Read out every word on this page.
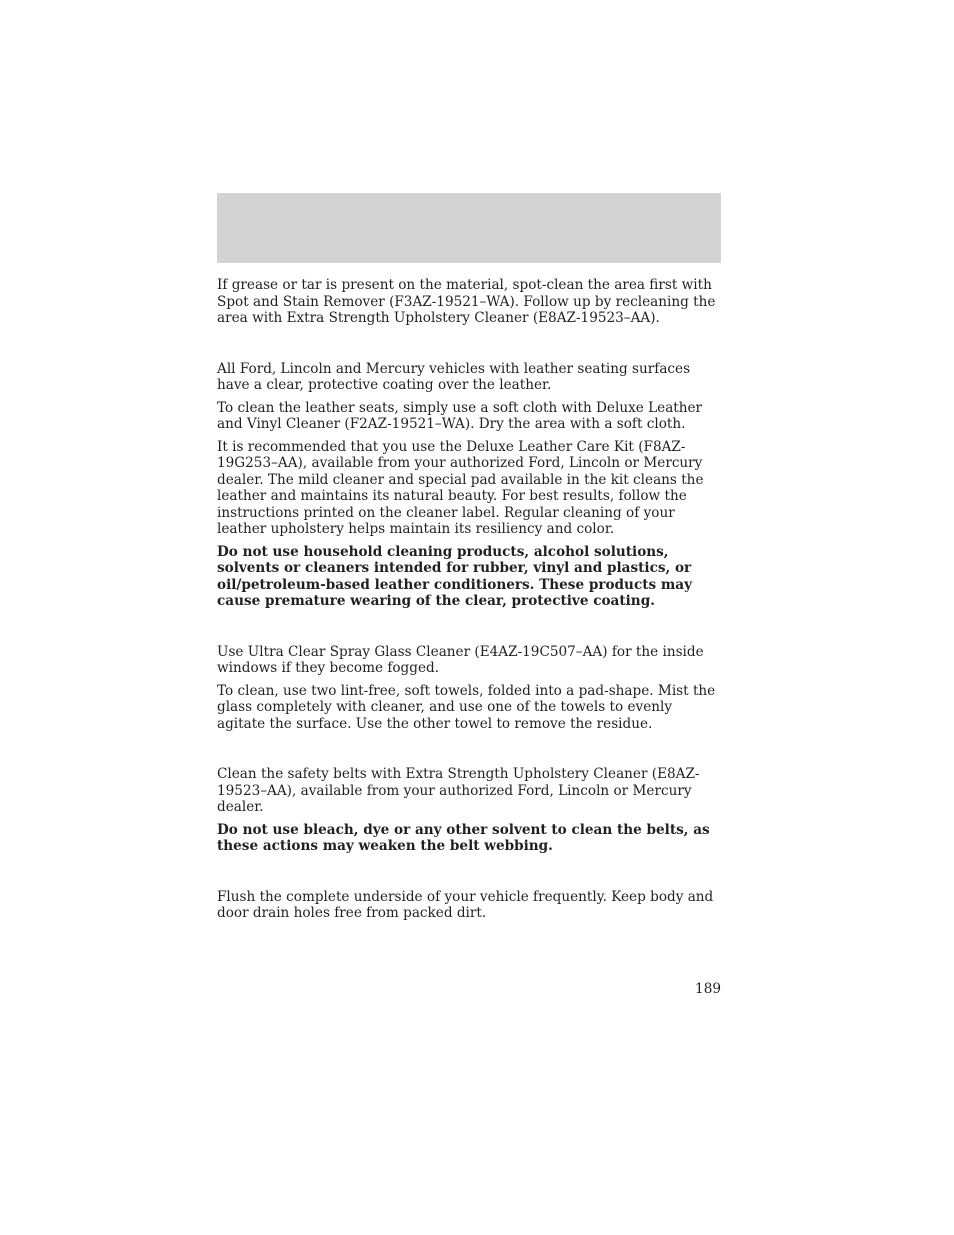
If grease or tar is present on the material, spot-clean the area first with Spot and Stain Remover (F3AZ-19521–WA). Follow up by recleaning the area with Extra Strength Upholstery Cleaner (E8AZ-19523–AA).

All Ford, Lincoln and Mercury vehicles with leather seating surfaces have a clear, protective coating over the leather.

To clean the leather seats, simply use a soft cloth with Deluxe Leather and Vinyl Cleaner (F2AZ-19521–WA). Dry the area with a soft cloth.

It is recommended that you use the Deluxe Leather Care Kit (F8AZ-19G253–AA), available from your authorized Ford, Lincoln or Mercury dealer. The mild cleaner and special pad available in the kit cleans the leather and maintains its natural beauty. For best results, follow the instructions printed on the cleaner label. Regular cleaning of your leather upholstery helps maintain its resiliency and color.

Do not use household cleaning products, alcohol solutions, solvents or cleaners intended for rubber, vinyl and plastics, or oil/petroleum-based leather conditioners. These products may cause premature wearing of the clear, protective coating.

Use Ultra Clear Spray Glass Cleaner (E4AZ-19C507–AA) for the inside windows if they become fogged.

To clean, use two lint-free, soft towels, folded into a pad-shape. Mist the glass completely with cleaner, and use one of the towels to evenly agitate the surface. Use the other towel to remove the residue.

Clean the safety belts with Extra Strength Upholstery Cleaner (E8AZ-19523–AA), available from your authorized Ford, Lincoln or Mercury dealer.

Do not use bleach, dye or any other solvent to clean the belts, as these actions may weaken the belt webbing.

Flush the complete underside of your vehicle frequently. Keep body and door drain holes free from packed dirt.

189
